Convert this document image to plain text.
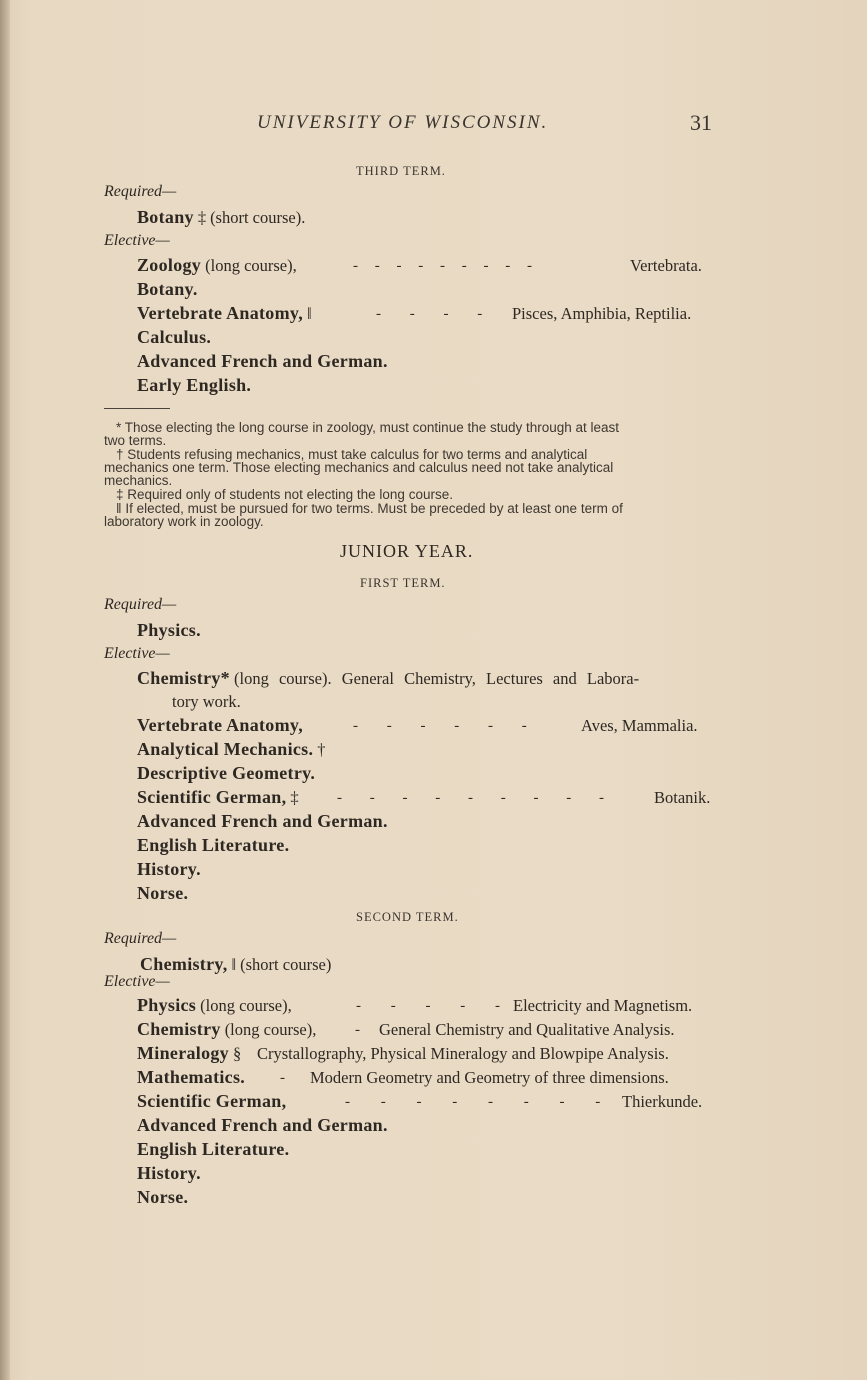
UNIVERSITY OF WISCONSIN.	31
THIRD TERM.
Required—
Botany ‡ (short course).
Elective—
Zoology (long course),	- - - - - - - - -	Vertebrata.
Botany.
Vertebrate Anatomy, ‖	- - - - Pisces, Amphibia, Reptilia.
Calculus.
Advanced French and German.
Early English.
* Those electing the long course in zoology, must continue the study through at least
two terms.
† Students refusing mechanics, must take calculus for two terms and analytical
mechanics one term. Those electing mechanics and calculus need not take analytical
mechanics.
‡ Required only of students not electing the long course.
‖ If elected, must be pursued for two terms. Must be preceded by at least one term of
laboratory work in zoology.
JUNIOR YEAR.
FIRST TERM.
Required—
Physics.
Elective—
Chemistry* (long course). General Chemistry, Lectures and Labora-
tory work.
Vertebrate Anatomy,	- - - - - -	Aves, Mammalia.
Analytical Mechanics. †
Descriptive Geometry.
Scientific German, ‡	- - - - - - - - -	Botanik.
Advanced French and German.
English Literature.
History.
Norse.
SECOND TERM.
Required—
Chemistry, ‖ (short course)
Elective—
Physics (long course),	- - - - - Electricity and Magnetism.
Chemistry (long course),	- General Chemistry and Qualitative Analysis.
Mineralogy § Crystallography, Physical Mineralogy and Blowpipe Analysis.
Mathematics. - Modern Geometry and Geometry of three dimensions.
Scientific German,	- - - - - - - - Thierkunde.
Advanced French and German.
English Literature.
History.
Norse.
